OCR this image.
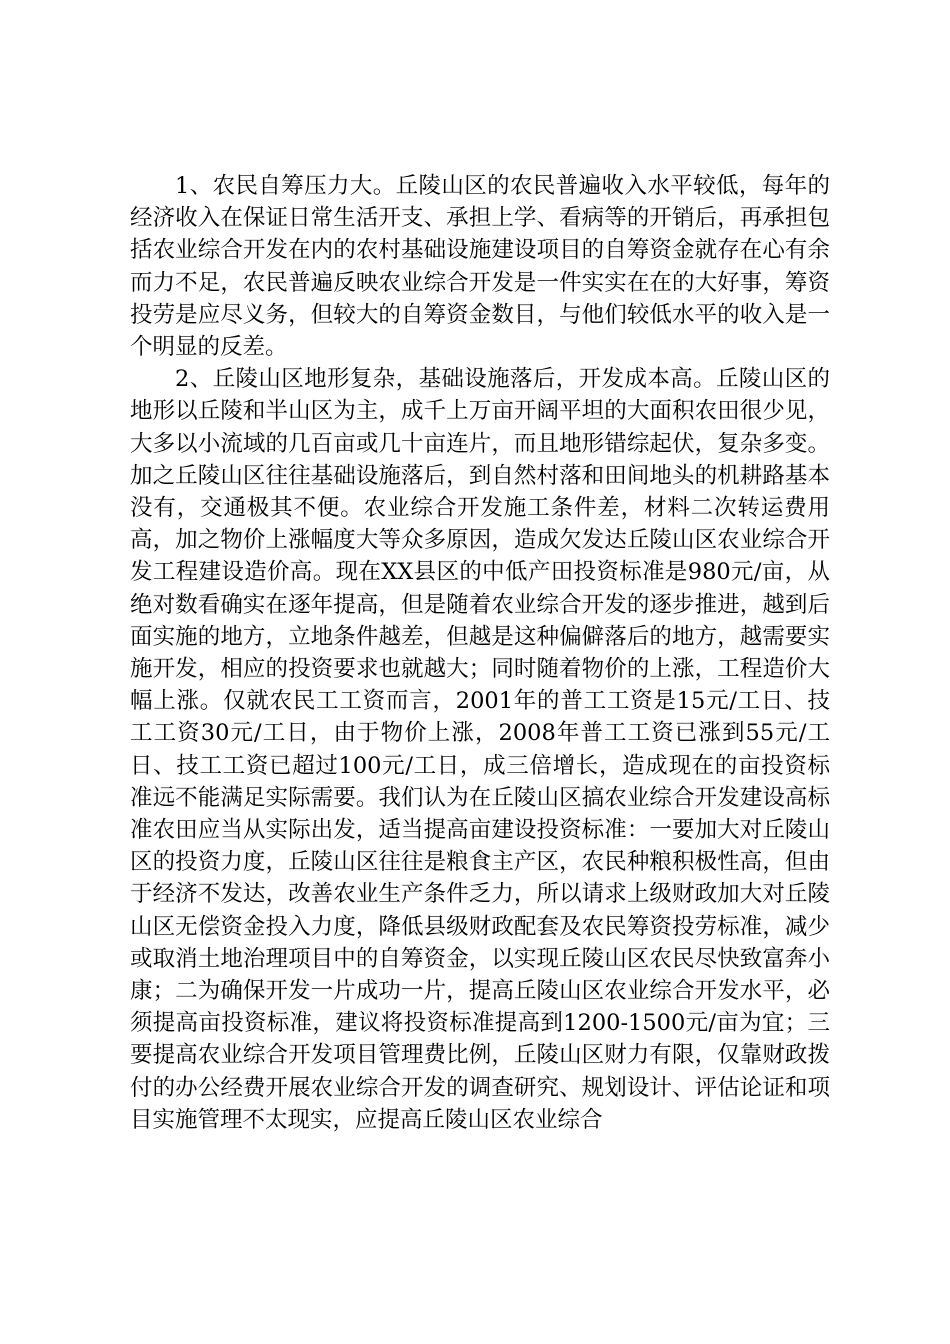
1、农民自筹压力大。丘陵山区的农民普遍收入水平较低，每年的经济收入在保证日常生活开支、承担上学、看病等的开销后，再承担包括农业综合开发在内的农村基础设施建设项目的自筹资金就存在心有余而力不足，农民普遍反映农业综合开发是一件实实在在的大好事，筹资投劳是应尽义务，但较大的自筹资金数目，与他们较低水平的收入是一个明显的反差。

2、丘陵山区地形复杂，基础设施落后，开发成本高。丘陵山区的地形以丘陵和半山区为主，成千上万亩开阔平坦的大面积农田很少见，大多以小流域的几百亩或几十亩连片，而且地形错综起伏，复杂多变。加之丘陵山区往往基础设施落后，到自然村落和田间地头的机耕路基本没有，交通极其不便。农业综合开发施工条件差，材料二次转运费用高，加之物价上涨幅度大等众多原因，造成欠发达丘陵山区农业综合开发工程建设造价高。现在XX县区的中低产田投资标准是980元/亩，从绝对数看确实在逐年提高，但是随着农业综合开发的逐步推进，越到后面实施的地方，立地条件越差，但越是这种偏僻落后的地方，越需要实施开发，相应的投资要求也就越大；同时随着物价的上涨，工程造价大幅上涨。仅就农民工工资而言，2001年的普工工资是15元/工日、技工工资30元/工日，由于物价上涨，2008年普工工资已涨到55元/工日、技工工资已超过100元/工日，成三倍增长，造成现在的亩投资标准远不能满足实际需要。我们认为在丘陵山区搞农业综合开发建设高标准农田应当从实际出发，适当提高亩建设投资标准：一要加大对丘陵山区的投资力度，丘陵山区往往是粮食主产区，农民种粮积极性高，但由于经济不发达，改善农业生产条件乏力，所以请求上级财政加大对丘陵山区无偿资金投入力度，降低县级财政配套及农民筹资投劳标准，减少或取消土地治理项目中的自筹资金，以实现丘陵山区农民尽快致富奔小康；二为确保开发一片成功一片，提高丘陵山区农业综合开发水平，必须提高亩投资标准，建议将投资标准提高到1200-1500元/亩为宜；三要提高农业综合开发项目管理费比例，丘陵山区财力有限，仅靠财政拨付的办公经费开展农业综合开发的调查研究、规划设计、评估论证和项目实施管理不太现实，应提高丘陵山区农业综合
